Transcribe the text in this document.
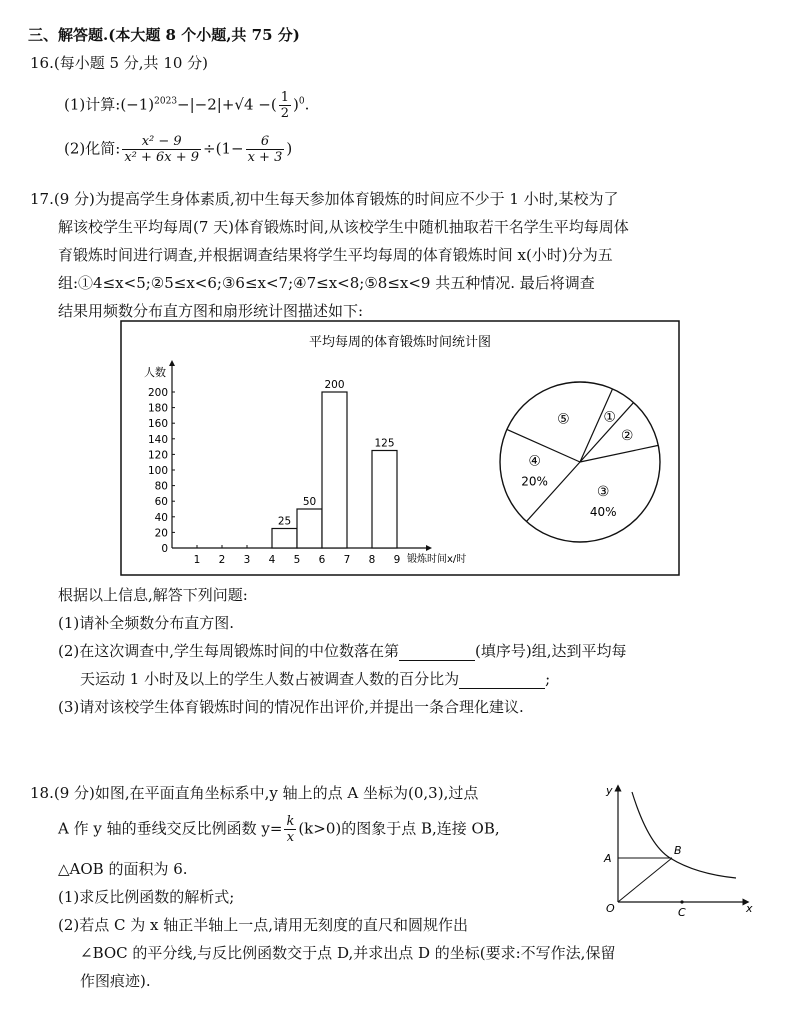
三、解答题.(本大题 8 个小题,共 75 分)
16.(每小题 5 分,共 10 分)
(1)计算$:(-1)^{2023}-|-2|+√4$ −( $\frac{1}{2} )^0$.
(2)化简: $\frac{\text{x² − 9}}{\text{x² + 6x + 9}} \div(1- \frac{6}{x + 3}$ )
17.(9 分)为提高学生身体素质,初中生每天参加体育锻炼的时间应不少于 1 小时,某校为了
解该校学生平均每周(7 天)体育锻炼时间,从该校学生中随机抽取若干名学生平均每周体
育锻炼时间进行调查,并根据调查结果将学生平均每周的体育锻炼时间 x(小时)分为五
组:①4≤x<5;②5≤x<6;③6≤x<7;④7≤x<8;⑤8≤x<9 共五种情况. 最后将调查
结果用频数分布直方图和扇形统计图描述如下:
平均每周的体育锻炼时间统计图
人数
锻炼时间x/时
0
20
40
60
80
100
120
140
160
180
200
1 2 3 4 5 6 7 8 9
25
50
200
125
③
40%
④
20%
⑤ ①
②
根据以上信息,解答下列问题:
(1)请补全频数分布直方图.
(2)在这次调查中,学生每周锻炼时间的中位数落在第	(填序号)组,达到平均每
天运动 1 小时及以上的学生人数占被调查人数的百分比为	;
(3)请对该校学生体育锻炼时间的情况作出评价,并提出一条合理化建议.
18.(9 分)如图,在平面直角坐标系中,y 轴上的点 A 坐标为(0,3),过点
A 作 y 轴的垂线交反比例函数 $y= \frac{k}{x} (k>0)$的图象于点 B,连接 OB,
△AOB 的面积为 6.
(1)求反比例函数的解析式;
(2)若点 C 为 x 轴正半轴上一点,请用无刻度的直尺和圆规作出
∠BOC 的平分线,与反比例函数交于点 D,并求出点 D 的坐标(要求:不写作法,保留
作图痕迹).
y
x
O
A
B
C
